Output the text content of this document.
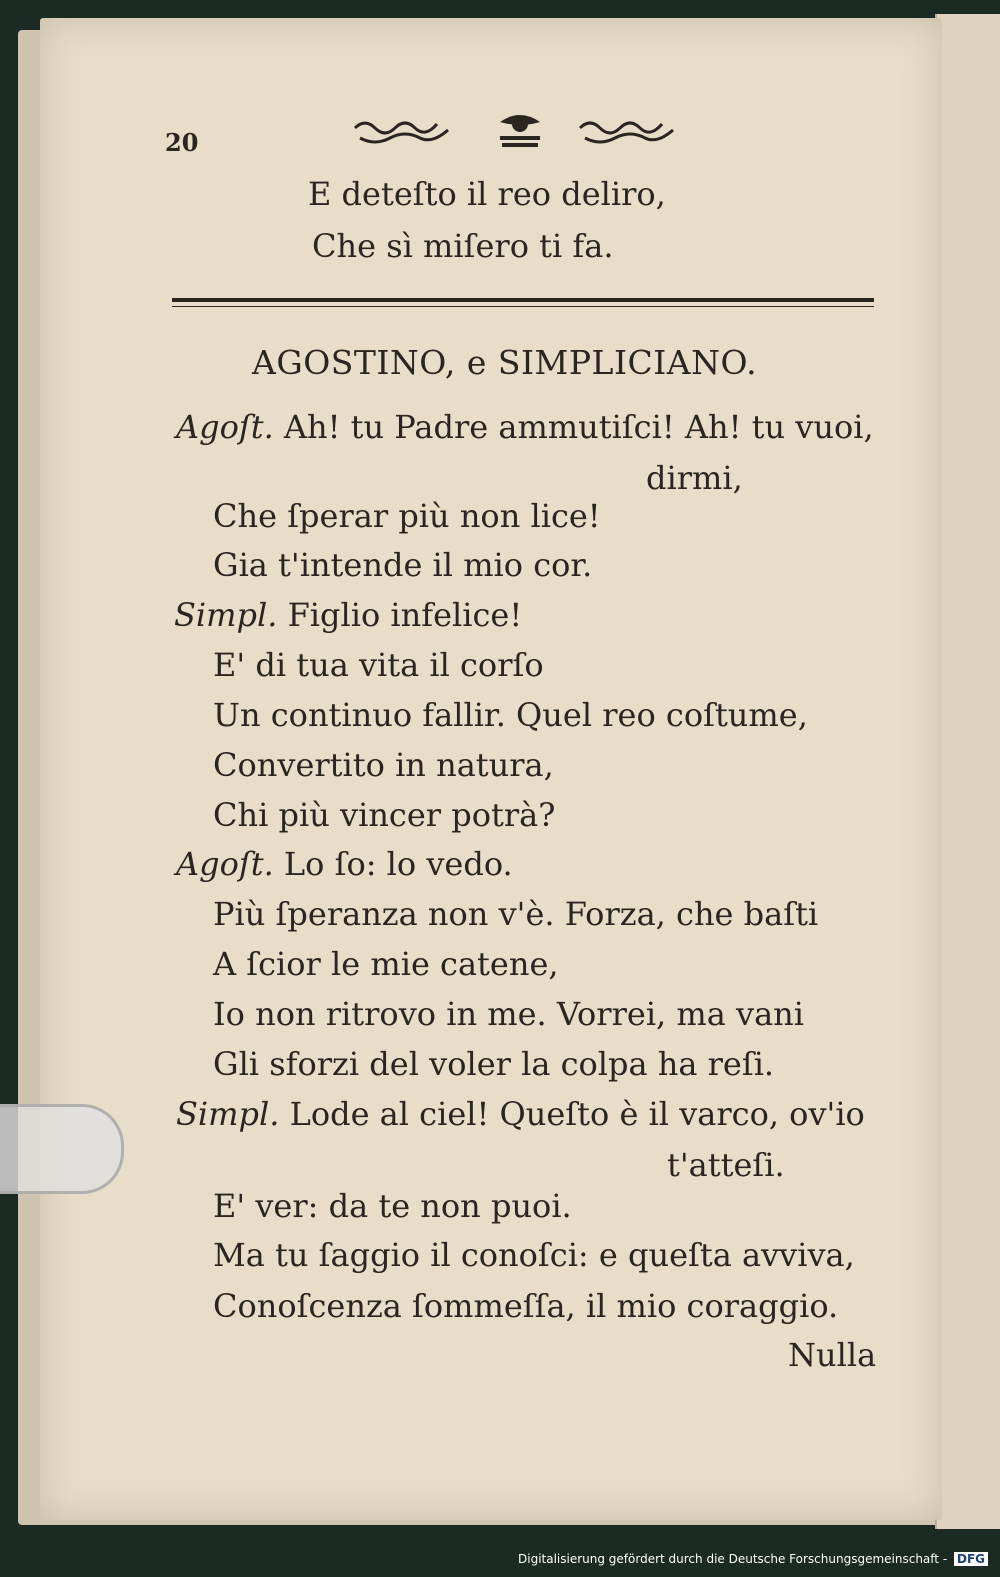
20
E deteſto il reo deliro,
Che sì miſero ti fa.
AGOSTINO, e SIMPLICIANO.
Agoſt. Ah! tu Padre ammutiſci! Ah! tu vuoi,
dirmi,
Che ſperar più non lice!
Gia t'intende il mio cor.
Simpl. Figlio infelice!
E' di tua vita il corſo
Un continuo fallir. Quel reo coſtume,
Convertito in natura,
Chi più vincer potrà?
Agoſt. Lo ſo: lo vedo.
Più ſperanza non v'è. Forza, che baſti
A ſcior le mie catene,
Io non ritrovo in me. Vorrei, ma vani
Gli sforzi del voler la colpa ha reſi.
Simpl. Lode al ciel! Queſto è il varco, ov'io
t'atteſi.
E' ver: da te non puoi.
Ma tu ſaggio il conoſci: e queſta avviva,
Conoſcenza ſommeſſa, il mio coraggio.
Nulla
Digitalisierung gefördert durch die Deutsche Forschungsgemeinschaft - DFG
